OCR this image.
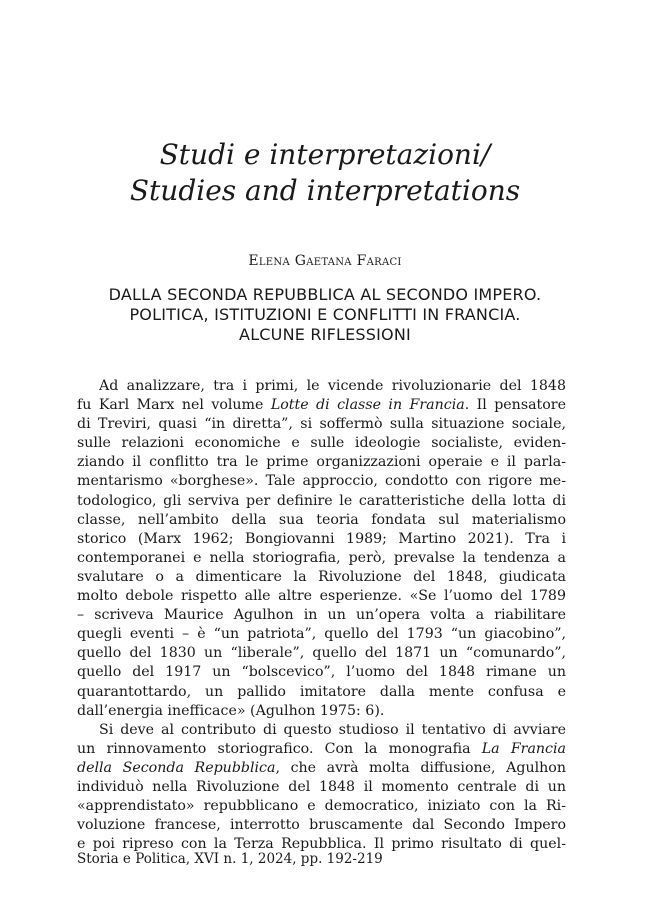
Studi e interpretazioni/
Studies and interpretations
Elena Gaetana Faraci
DALLA SECONDA REPUBBLICA AL SECONDO IMPERO.
POLITICA, ISTITUZIONI E CONFLITTI IN FRANCIA.
ALCUNE RIFLESSIONI
Ad analizzare, tra i primi, le vicende rivoluzionarie del 1848
fu Karl Marx nel volume Lotte di classe in Francia. Il pensatore
di Treviri, quasi “in diretta”, si soffermò sulla situazione sociale,
sulle relazioni economiche e sulle ideologie socialiste, eviden-
ziando il conflitto tra le prime organizzazioni operaie e il parla-
mentarismo «borghese». Tale approccio, condotto con rigore me-
todologico, gli serviva per definire le caratteristiche della lotta di
classe, nell’ambito della sua teoria fondata sul materialismo
storico (Marx 1962; Bongiovanni 1989; Martino 2021). Tra i
contemporanei e nella storiografia, però, prevalse la tendenza a
svalutare o a dimenticare la Rivoluzione del 1848, giudicata
molto debole rispetto alle altre esperienze. «Se l’uomo del 1789
– scriveva Maurice Agulhon in un un’opera volta a riabilitare
quegli eventi – è “un patriota”, quello del 1793 “un giacobino”,
quello del 1830 un “liberale”, quello del 1871 un “comunardo”,
quello del 1917 un “bolscevico”, l’uomo del 1848 rimane un
quarantottardo, un pallido imitatore dalla mente confusa e
dall’energia inefficace» (Agulhon 1975: 6).
Si deve al contributo di questo studioso il tentativo di avviare
un rinnovamento storiografico. Con la monografia La Francia
della Seconda Repubblica, che avrà molta diffusione, Agulhon
individuò nella Rivoluzione del 1848 il momento centrale di un
«apprendistato» repubblicano e democratico, iniziato con la Ri-
voluzione francese, interrotto bruscamente dal Secondo Impero
e poi ripreso con la Terza Repubblica. Il primo risultato di quel-
Storia e Politica, XVI n. 1, 2024, pp. 192-219
